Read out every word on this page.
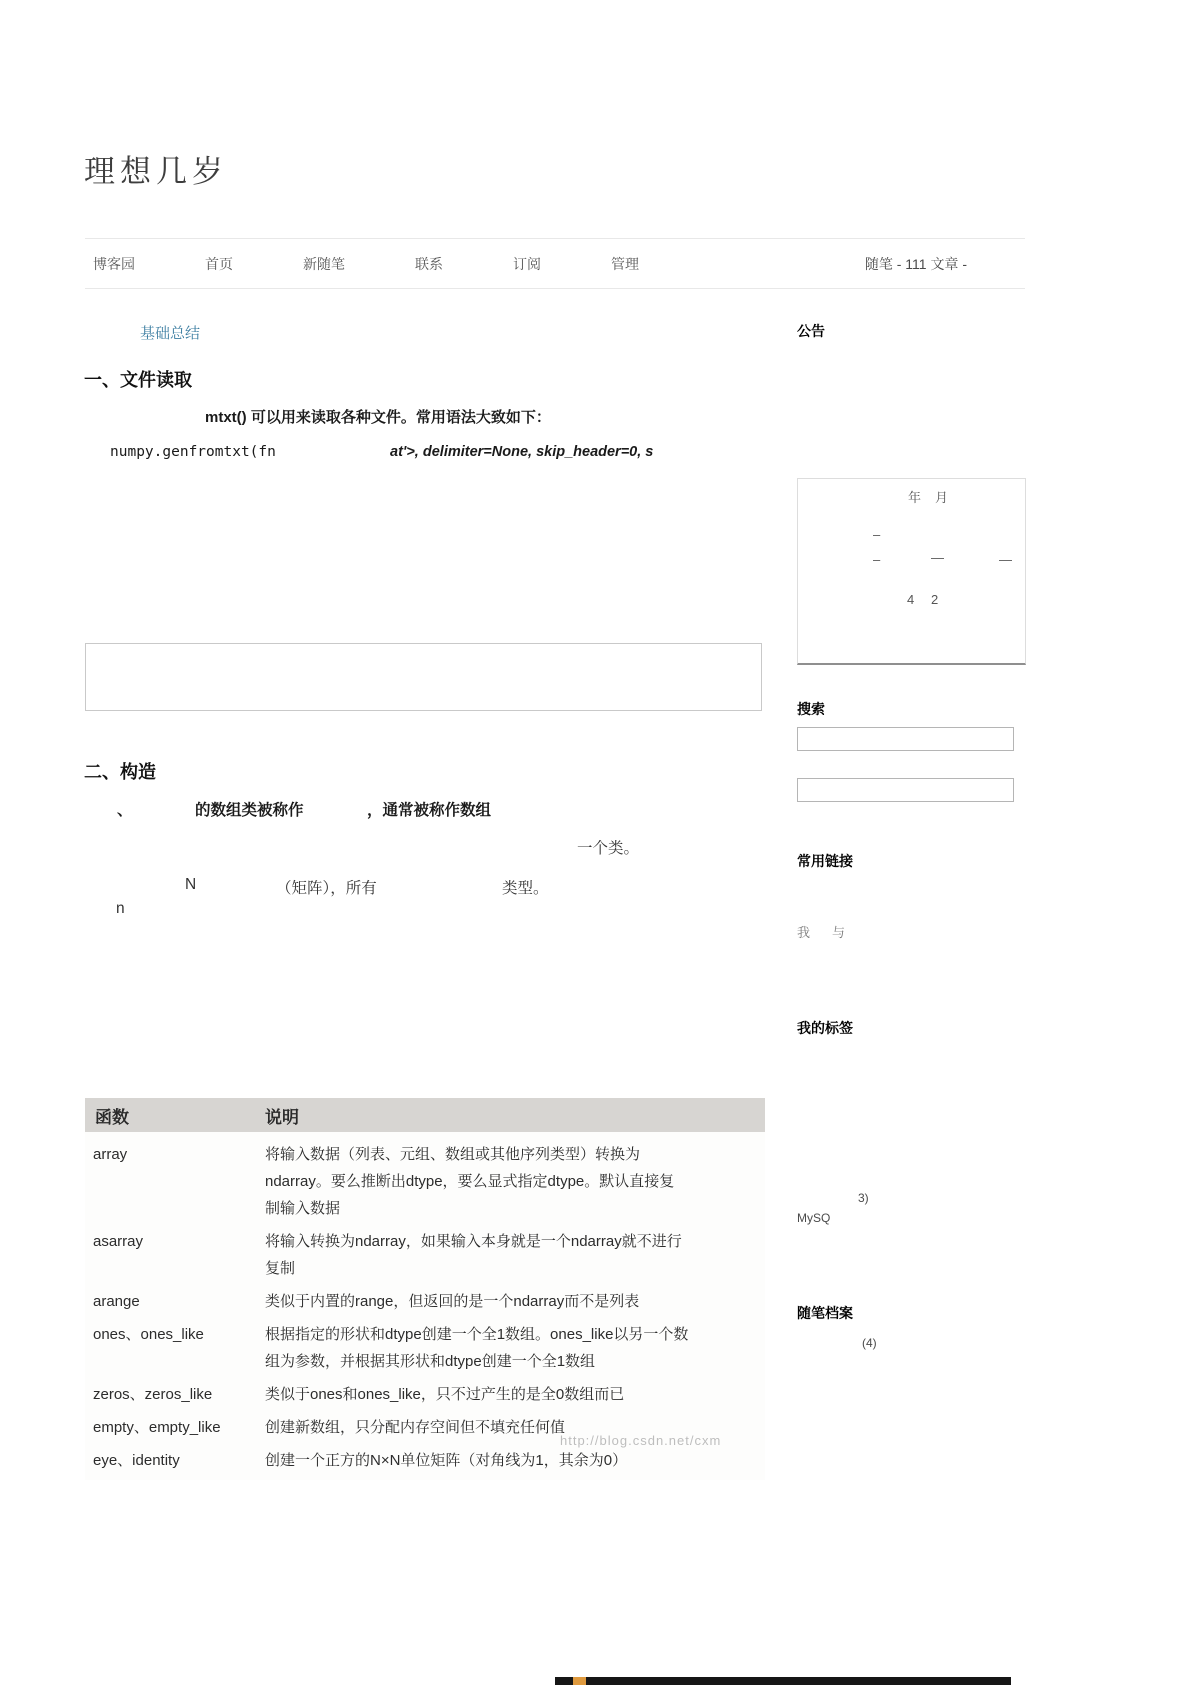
理想几岁
博客园	首页	新随笔	联系	订阅	管理	随笔 - 111 文章 -
基础总结
一、文件读取
mtxt() 可以用来读取各种文件。常用语法大致如下：
numpy.genfromtxt(fn	at'>, delimiter=None, skip_header=0, s
二、构造
、	的数组类被称作	，通常被称作数组
一个类。
N	（矩阵），所有	类型。
n
函数	说明
array	将输入数据（列表、元组、数组或其他序列类型）转换为
ndarray。要么推断出dtype，要么显式指定dtype。默认直接复
制输入数据
asarray	将输入转换为ndarray，如果输入本身就是一个ndarray就不进行
复制
arange	类似于内置的range，但返回的是一个ndarray而不是列表
ones、ones_like	根据指定的形状和dtype创建一个全1数组。ones_like以另一个数
组为参数，并根据其形状和dtype创建一个全1数组
zeros、zeros_like	类似于ones和ones_like，只不过产生的是全0数组而已
empty、empty_like	创建新数组，只分配内存空间但不填充任何值
eye、identity	创建一个正方的N×N单位矩阵（对角线为1，其余为0）
http://blog.csdn.net/cxm
公告
年 月
–
–	—	—
4 2
搜索
常用链接
我 与
我的标签
3)
MySQ
随笔档案
(4)
